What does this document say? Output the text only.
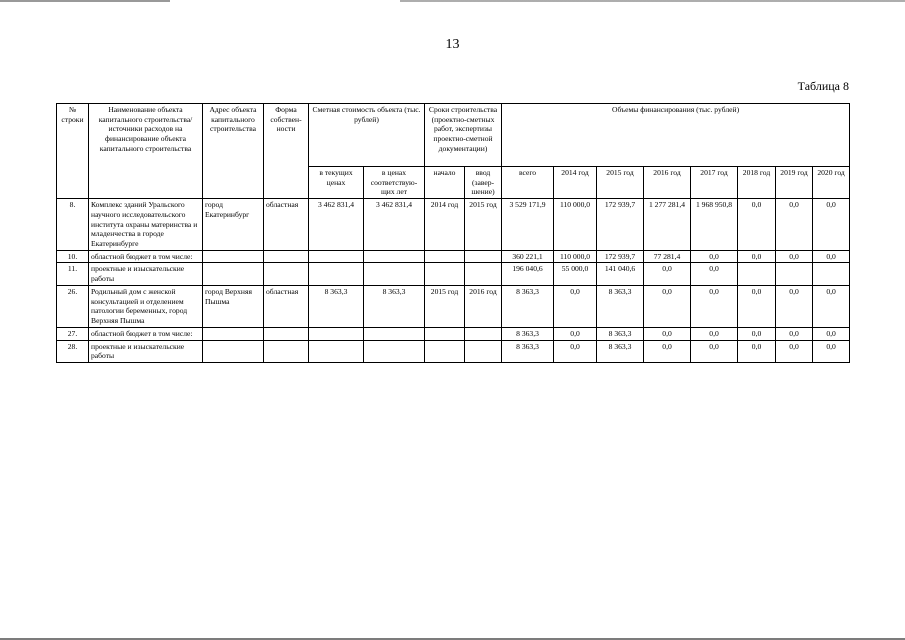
13
Таблица 8
№ строки	Наименование объекта капитального строительства/ источники расходов на финансирование объекта капитального строительства	Адрес объекта капитального строительства	Форма собствен-ности	Сметная стоимость объекта (тыс. рублей)		Сроки строительства (проектно-сметных работ, экспертизы проектно-сметной документации)		Объемы финансирования (тыс. рублей)							
				в текущих ценах	в ценах соответствую-щих лет	начало	ввод (завер-шение)	всего	2014 год	2015 год	2016 год	2017 год	2018 год	2019 год	2020 год
8.	Комплекс зданий Уральского научного исследовательского института охраны материнства и младенчества в городе Екатеринбурге	город Екатеринбург	областная	3 462 831,4	3 462 831,4	2014 год	2015 год	3 529 171,9	110 000,0	172 939,7	1 277 281,4	1 968 950,8	0,0	0,0	0,0
10.	областной бюджет в том числе:							360 221,1	110 000,0	172 939,7	77 281,4	0,0	0,0	0,0	0,0
11.	проектные и изыскательские работы							196 040,6	55 000,0	141 040,6	0,0	0,0			
26.	Родильный дом с женской консультацией и отделением патологии беременных, город Верхняя Пышма	город Верхняя Пышма	областная	8 363,3	8 363,3	2015 год	2016 год	8 363,3	0,0	8 363,3	0,0	0,0	0,0	0,0	0,0
27.	областной бюджет в том числе:							8 363,3	0,0	8 363,3	0,0	0,0	0,0	0,0	0,0
28.	проектные и изыскательские работы							8 363,3	0,0	8 363,3	0,0	0,0	0,0	0,0	0,0
